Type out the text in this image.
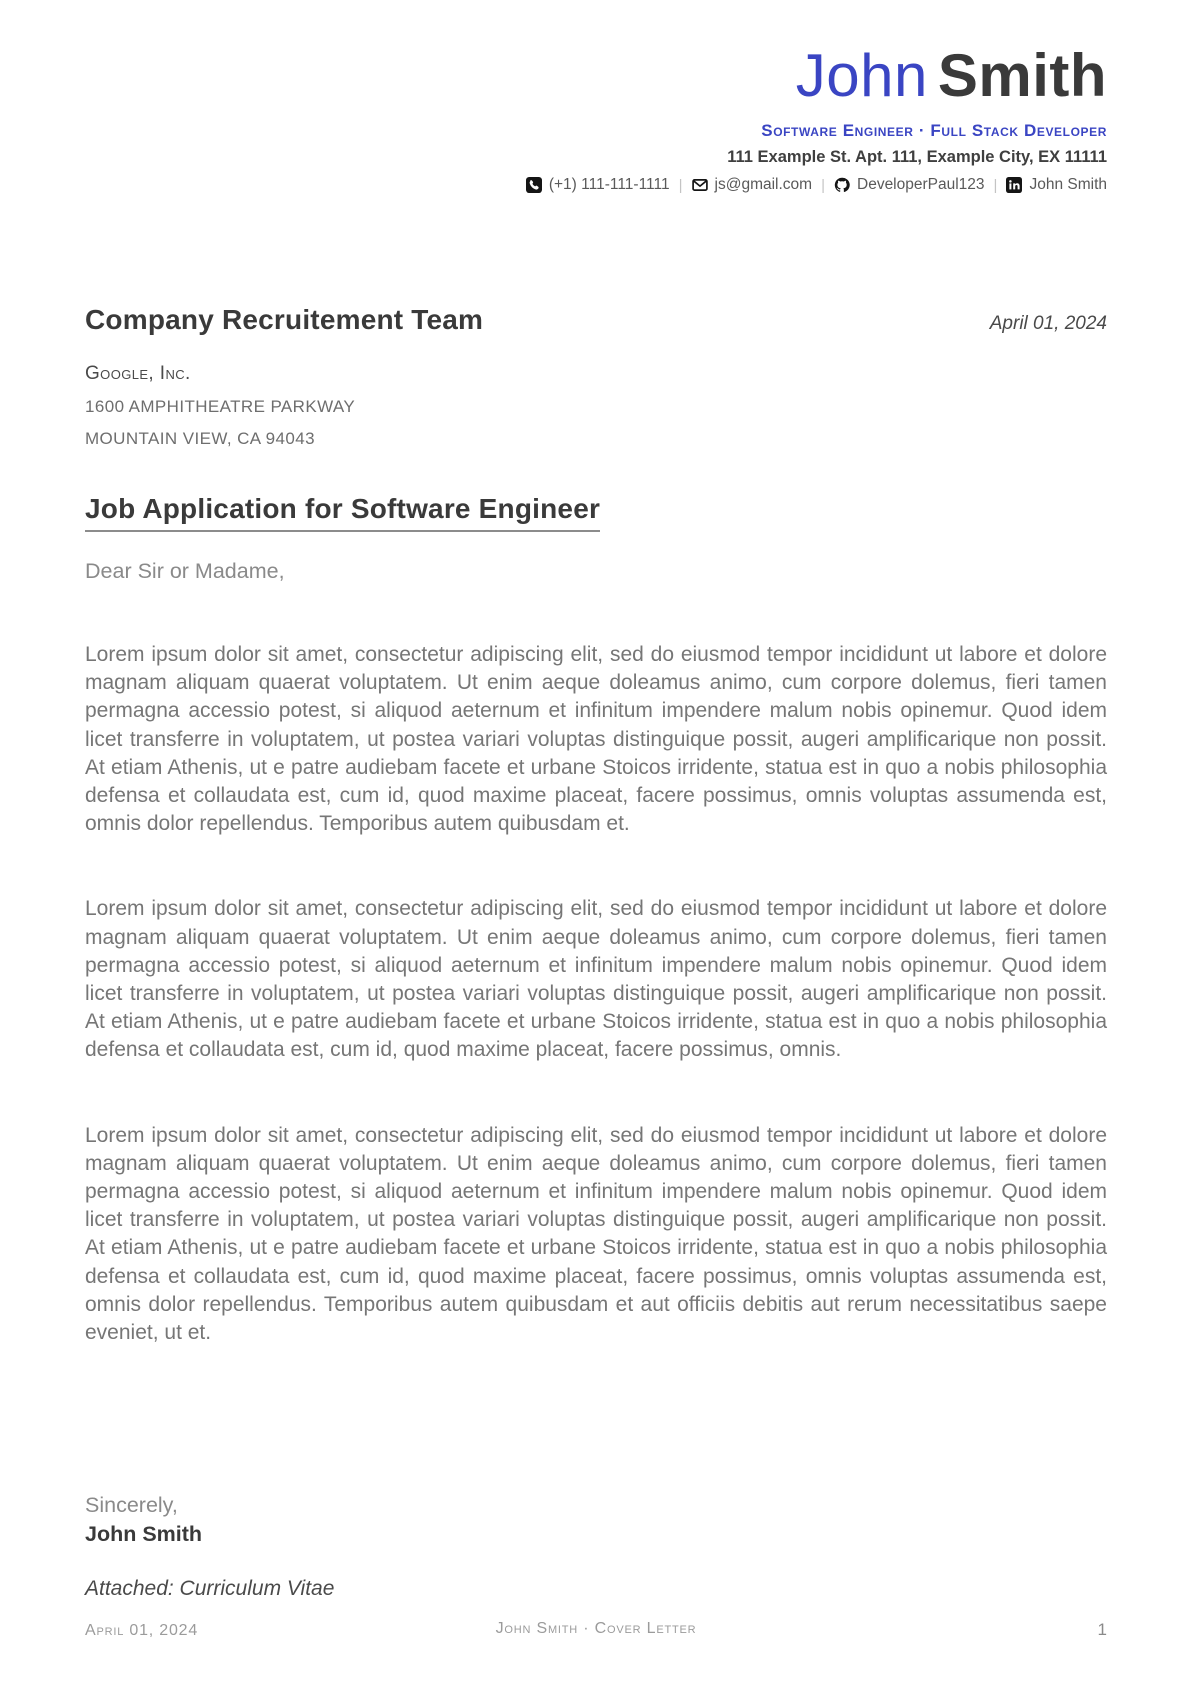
John Smith
Software Engineer · Full Stack Developer
111 Example St. Apt. 111, Example City, EX 11111
(+1) 111-111-1111 | js@gmail.com | DeveloperPaul123 | John Smith
Company Recruitement Team	April 01, 2024
Google, Inc.
1600 AMPHITHEATRE PARKWAY
MOUNTAIN VIEW, CA 94043
Job Application for Software Engineer
Dear Sir or Madame,
Lorem ipsum dolor sit amet, consectetur adipiscing elit, sed do eiusmod tempor incididunt ut labore et dolore magnam aliquam quaerat voluptatem. Ut enim aeque doleamus animo, cum corpore dolemus, fieri tamen permagna accessio potest, si aliquod aeternum et infinitum impendere malum nobis opinemur. Quod idem licet transferre in voluptatem, ut postea variari voluptas distinguique possit, augeri amplificarique non possit. At etiam Athenis, ut e patre audiebam facete et urbane Stoicos irridente, statua est in quo a nobis philosophia defensa et collaudata est, cum id, quod maxime placeat, facere possimus, omnis voluptas assumenda est, omnis dolor repellendus. Temporibus autem quibusdam et.
Lorem ipsum dolor sit amet, consectetur adipiscing elit, sed do eiusmod tempor incididunt ut labore et dolore magnam aliquam quaerat voluptatem. Ut enim aeque doleamus animo, cum corpore dolemus, fieri tamen permagna accessio potest, si aliquod aeternum et infinitum impendere malum nobis opinemur. Quod idem licet transferre in voluptatem, ut postea variari voluptas distinguique possit, augeri amplificarique non possit. At etiam Athenis, ut e patre audiebam facete et urbane Stoicos irridente, statua est in quo a nobis philosophia defensa et collaudata est, cum id, quod maxime placeat, facere possimus, omnis.
Lorem ipsum dolor sit amet, consectetur adipiscing elit, sed do eiusmod tempor incididunt ut labore et dolore magnam aliquam quaerat voluptatem. Ut enim aeque doleamus animo, cum corpore dolemus, fieri tamen permagna accessio potest, si aliquod aeternum et infinitum impendere malum nobis opinemur. Quod idem licet transferre in voluptatem, ut postea variari voluptas distinguique possit, augeri amplificarique non possit. At etiam Athenis, ut e patre audiebam facete et urbane Stoicos irridente, statua est in quo a nobis philosophia defensa et collaudata est, cum id, quod maxime placeat, facere possimus, omnis voluptas assumenda est, omnis dolor repellendus. Temporibus autem quibusdam et aut officiis debitis aut rerum necessitatibus saepe eveniet, ut et.
Sincerely,
John Smith
Attached: Curriculum Vitae
April 01, 2024	John Smith · Cover Letter	1
